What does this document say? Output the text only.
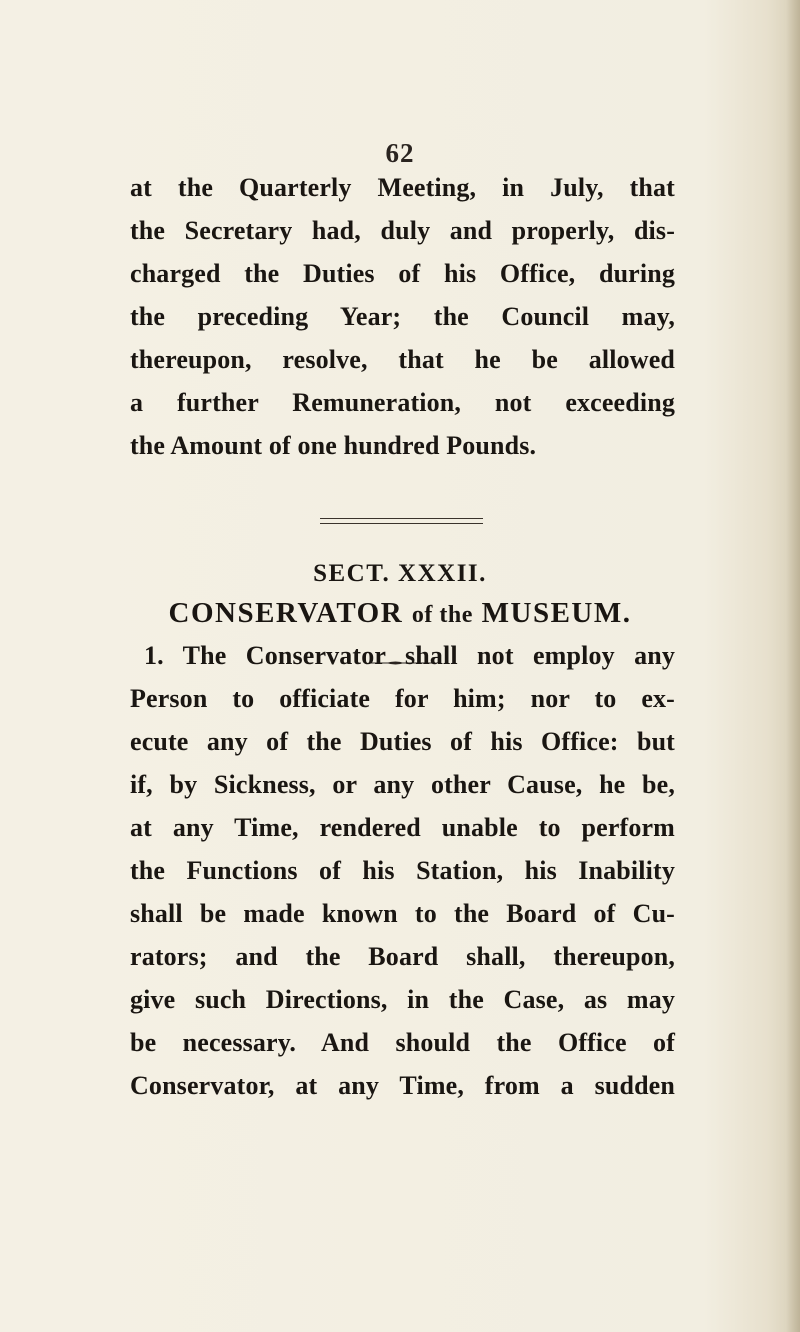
62
at the Quarterly Meeting, in July, that
the Secretary had, duly and properly, dis-
charged the Duties of his Office, during
the preceding Year; the Council may,
thereupon, resolve, that he be allowed
a further Remuneration, not exceeding
the Amount of one hundred Pounds.
SECT. XXXII.
CONSERVATOR of the MUSEUM.
1. The Conservator shall not employ any
Person to officiate for him; nor to ex-
ecute any of the Duties of his Office: but
if, by Sickness, or any other Cause, he be,
at any Time, rendered unable to perform
the Functions of his Station, his Inability
shall be made known to the Board of Cu-
rators; and the Board shall, thereupon,
give such Directions, in the Case, as may
be necessary. And should the Office of
Conservator, at any Time, from a sudden
